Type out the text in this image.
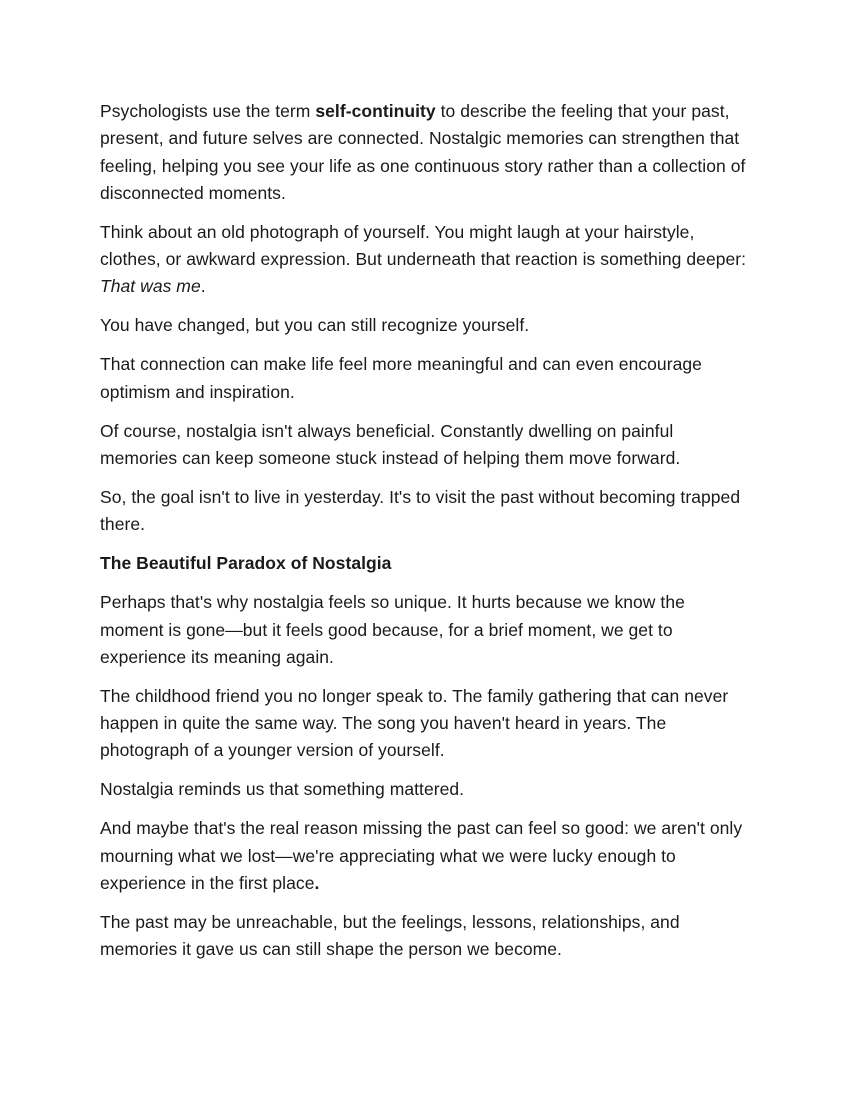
Psychologists use the term self-continuity to describe the feeling that your past, present, and future selves are connected. Nostalgic memories can strengthen that feeling, helping you see your life as one continuous story rather than a collection of disconnected moments.

Think about an old photograph of yourself. You might laugh at your hairstyle, clothes, or awkward expression. But underneath that reaction is something deeper: That was me.

You have changed, but you can still recognize yourself.

That connection can make life feel more meaningful and can even encourage optimism and inspiration.

Of course, nostalgia isn't always beneficial. Constantly dwelling on painful memories can keep someone stuck instead of helping them move forward.

So, the goal isn't to live in yesterday. It's to visit the past without becoming trapped there.

The Beautiful Paradox of Nostalgia

Perhaps that's why nostalgia feels so unique. It hurts because we know the moment is gone—but it feels good because, for a brief moment, we get to experience its meaning again.

The childhood friend you no longer speak to. The family gathering that can never happen in quite the same way. The song you haven't heard in years. The photograph of a younger version of yourself.

Nostalgia reminds us that something mattered.

And maybe that's the real reason missing the past can feel so good: we aren't only mourning what we lost—we're appreciating what we were lucky enough to experience in the first place.

The past may be unreachable, but the feelings, lessons, relationships, and memories it gave us can still shape the person we become.
